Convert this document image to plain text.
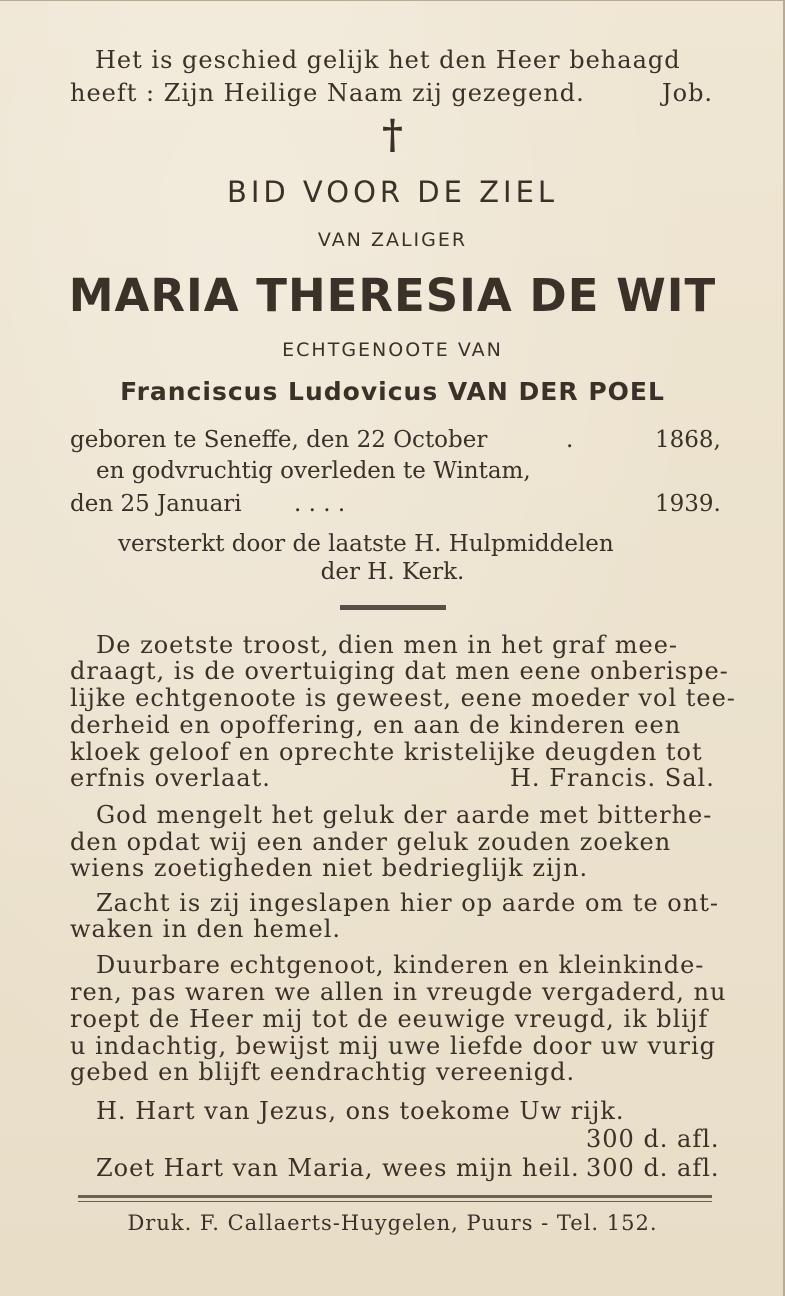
Het is geschied gelijk het den Heer behaagd
heeft : Zijn Heilige Naam zij gezegend.	Job.
†
BID VOOR DE ZIEL
VAN ZALIGER
MARIA THERESIA DE WIT
ECHTGENOOTE VAN
Franciscus Ludovicus VAN DER POEL
geboren te Seneffe, den 22 October	.	1868,
en godvruchtig overleden te Wintam,
den 25 Januari . . . .	1939.
versterkt door de laatste H. Hulpmiddelen
der H. Kerk.
De zoetste troost, dien men in het graf mee-
draagt, is de overtuiging dat men eene onberispe-
lijke echtgenoote is geweest, eene moeder vol tee-
derheid en opoffering, en aan de kinderen een
kloek geloof en oprechte kristelijke deugden tot
erfnis overlaat.	H. Francis. Sal.
God mengelt het geluk der aarde met bitterhe-
den opdat wij een ander geluk zouden zoeken
wiens zoetigheden niet bedrieglijk zijn.
Zacht is zij ingeslapen hier op aarde om te ont-
waken in den hemel.
Duurbare echtgenoot, kinderen en kleinkinde-
ren, pas waren we allen in vreugde vergaderd, nu
roept de Heer mij tot de eeuwige vreugd, ik blijf
u indachtig, bewijst mij uwe liefde door uw vurig
gebed en blijft eendrachtig vereenigd.
H. Hart van Jezus, ons toekome Uw rijk.
300 d. afl.
Zoet Hart van Maria, wees mijn heil. 300 d. afl.
Druk. F. Callaerts-Huygelen, Puurs - Tel. 152.
